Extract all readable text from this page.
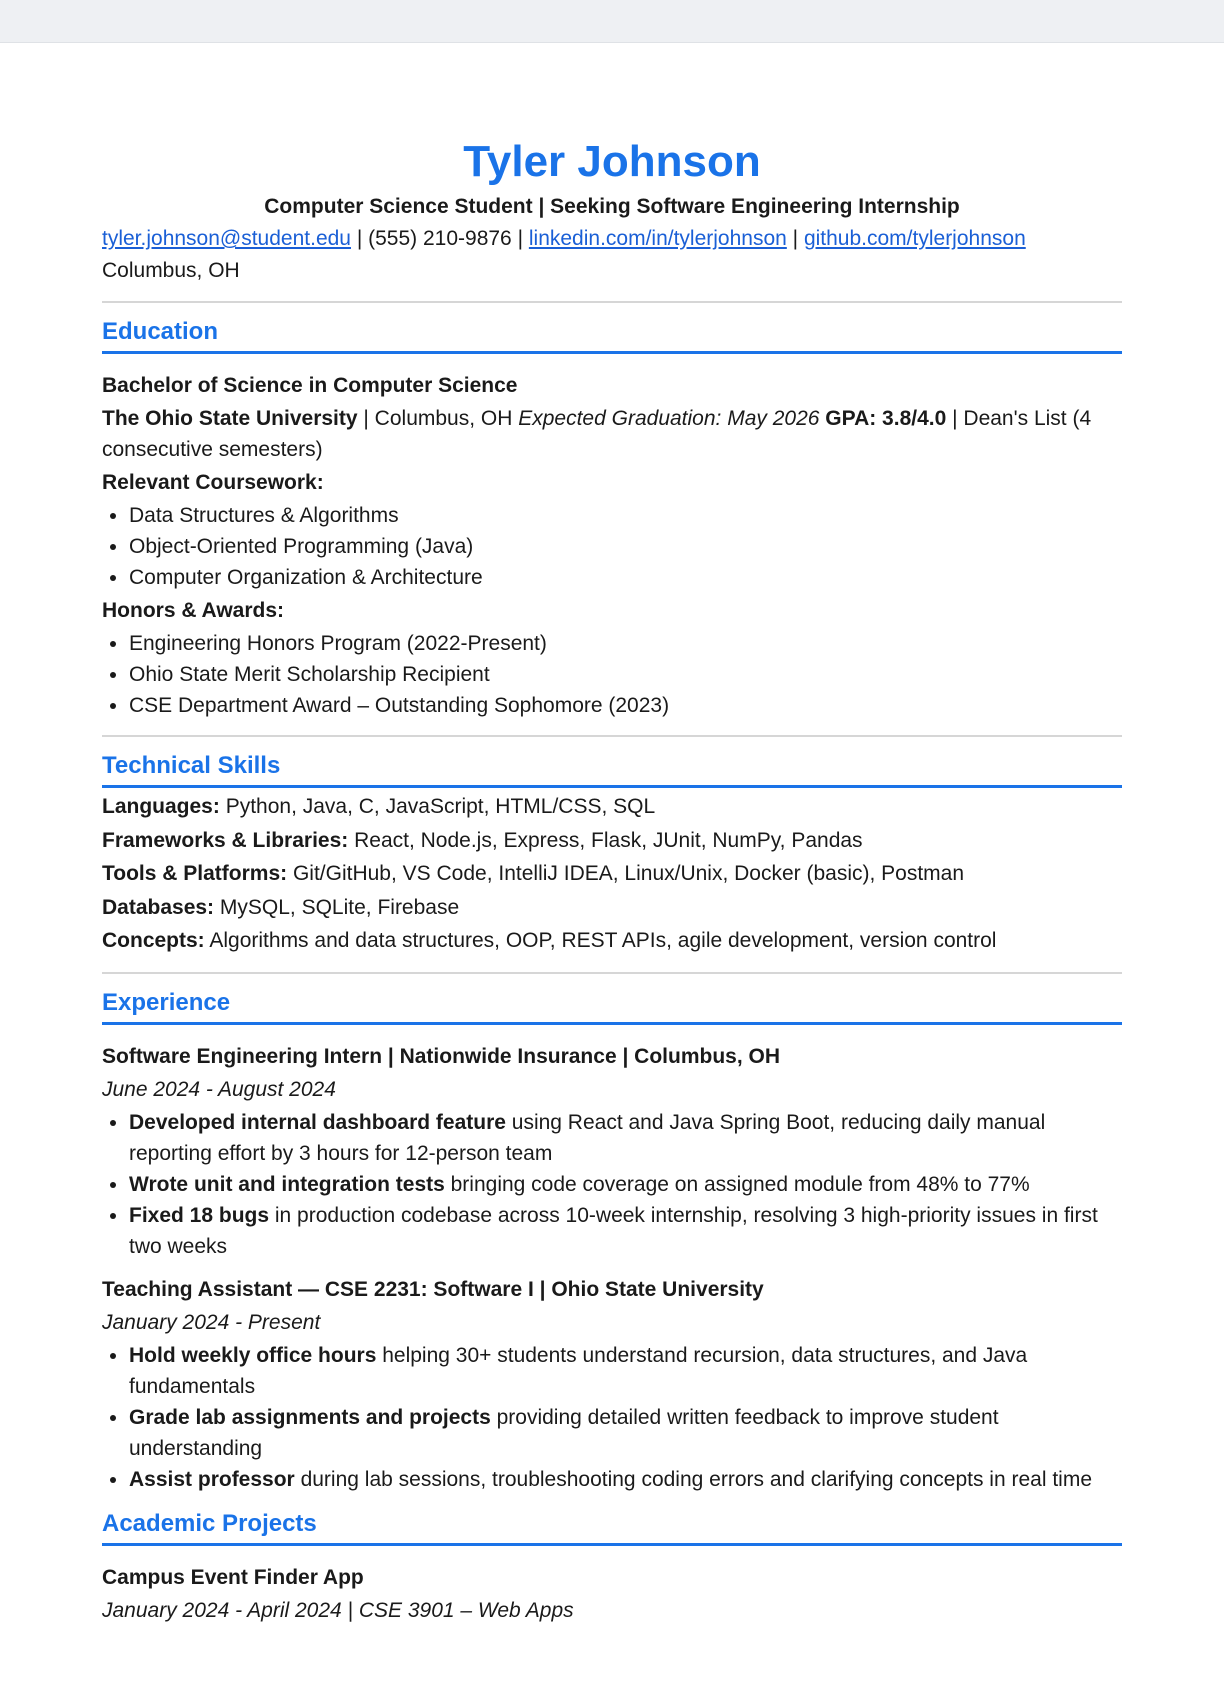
Tyler Johnson
Computer Science Student | Seeking Software Engineering Internship
tyler.johnson@student.edu | (555) 210-9876 | linkedin.com/in/tylerjohnson | github.com/tylerjohnson
Columbus, OH
Education
Bachelor of Science in Computer Science
The Ohio State University | Columbus, OH Expected Graduation: May 2026 GPA: 3.8/4.0 | Dean's List (4 consecutive semesters)
Relevant Coursework:
• Data Structures & Algorithms
• Object-Oriented Programming (Java)
• Computer Organization & Architecture
Honors & Awards:
• Engineering Honors Program (2022-Present)
• Ohio State Merit Scholarship Recipient
• CSE Department Award – Outstanding Sophomore (2023)
Technical Skills
Languages: Python, Java, C, JavaScript, HTML/CSS, SQL
Frameworks & Libraries: React, Node.js, Express, Flask, JUnit, NumPy, Pandas
Tools & Platforms: Git/GitHub, VS Code, IntelliJ IDEA, Linux/Unix, Docker (basic), Postman
Databases: MySQL, SQLite, Firebase
Concepts: Algorithms and data structures, OOP, REST APIs, agile development, version control
Experience
Software Engineering Intern | Nationwide Insurance | Columbus, OH
June 2024 - August 2024
• Developed internal dashboard feature using React and Java Spring Boot, reducing daily manual reporting effort by 3 hours for 12-person team
• Wrote unit and integration tests bringing code coverage on assigned module from 48% to 77%
• Fixed 18 bugs in production codebase across 10-week internship, resolving 3 high-priority issues in first two weeks
Teaching Assistant — CSE 2231: Software I | Ohio State University
January 2024 - Present
• Hold weekly office hours helping 30+ students understand recursion, data structures, and Java fundamentals
• Grade lab assignments and projects providing detailed written feedback to improve student understanding
• Assist professor during lab sessions, troubleshooting coding errors and clarifying concepts in real time
Academic Projects
Campus Event Finder App
January 2024 - April 2024 | CSE 3901 – Web Apps
